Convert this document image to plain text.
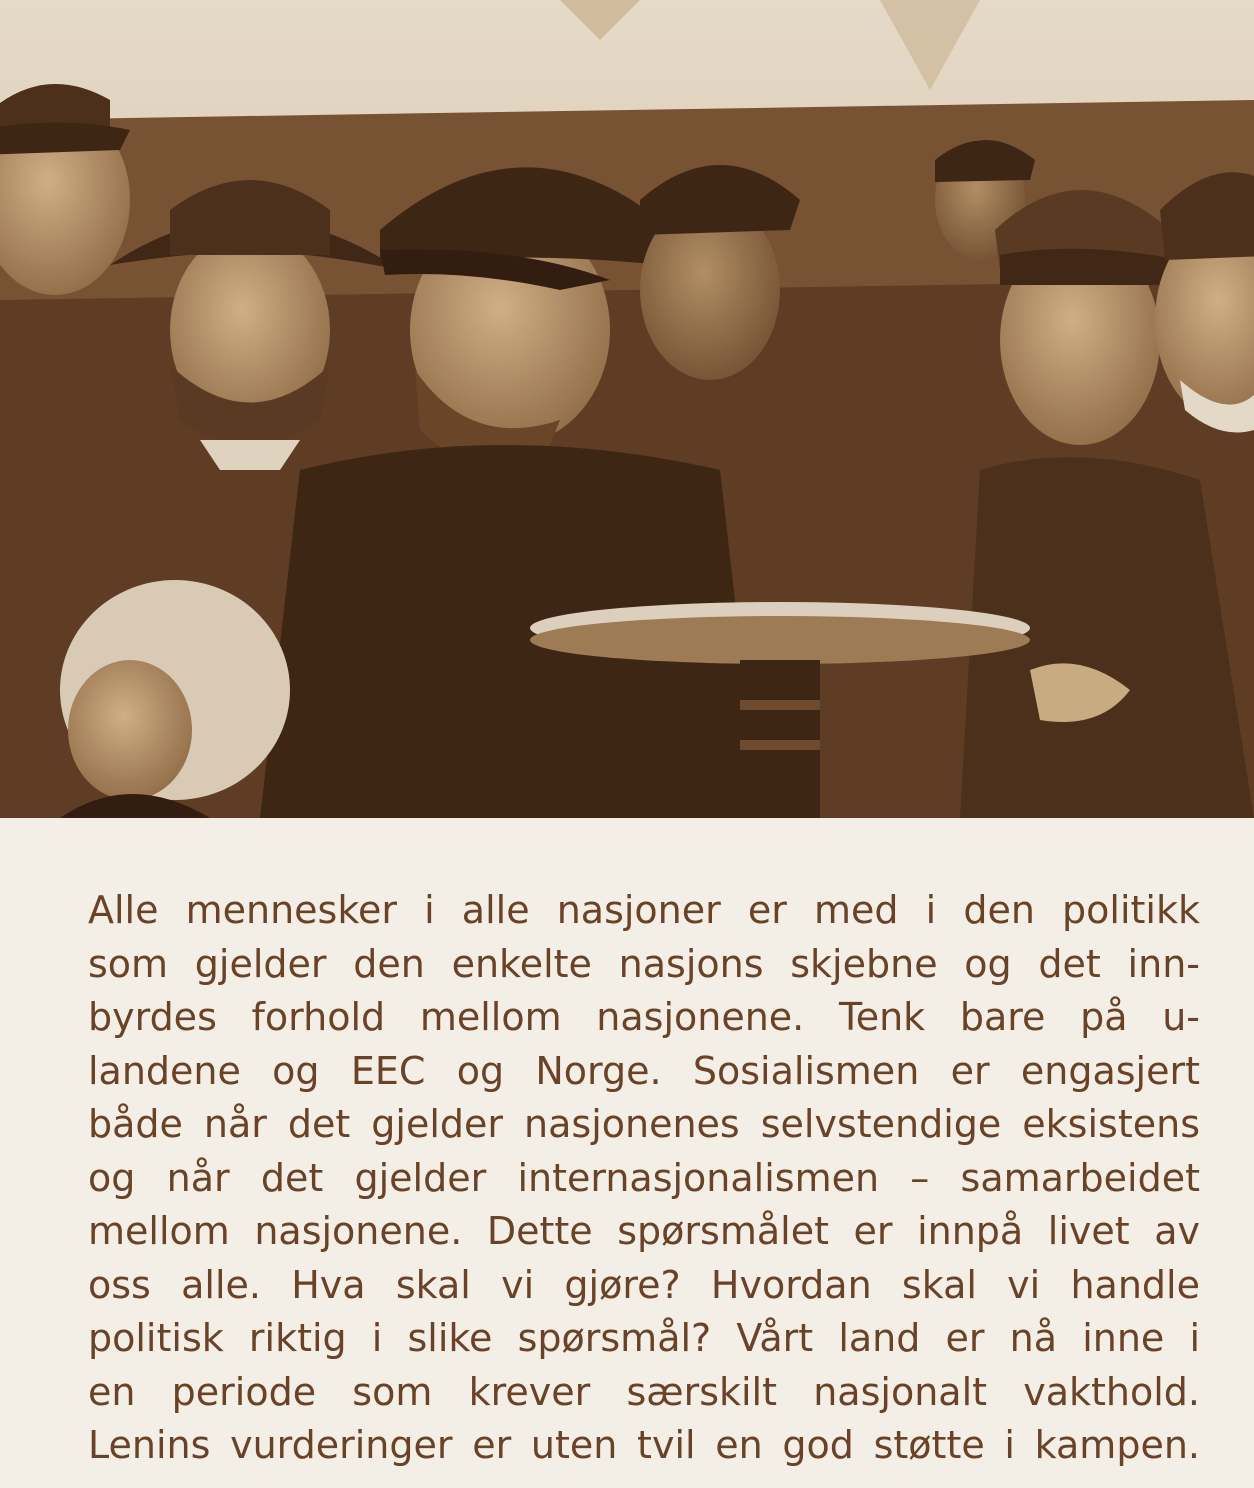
Alle mennesker i alle nasjoner er med i den politikk
som gjelder den enkelte nasjons skjebne og det inn-
byrdes forhold mellom nasjonene. Tenk bare på u-
landene og EEC og Norge. Sosialismen er engasjert
både når det gjelder nasjonenes selvstendige eksistens
og når det gjelder internasjonalismen – samarbeidet
mellom nasjonene. Dette spørsmålet er innpå livet av
oss alle. Hva skal vi gjøre? Hvordan skal vi handle
politisk riktig i slike spørsmål? Vårt land er nå inne i
en periode som krever særskilt nasjonalt vakthold.
Lenins vurderinger er uten tvil en god støtte i kampen.
